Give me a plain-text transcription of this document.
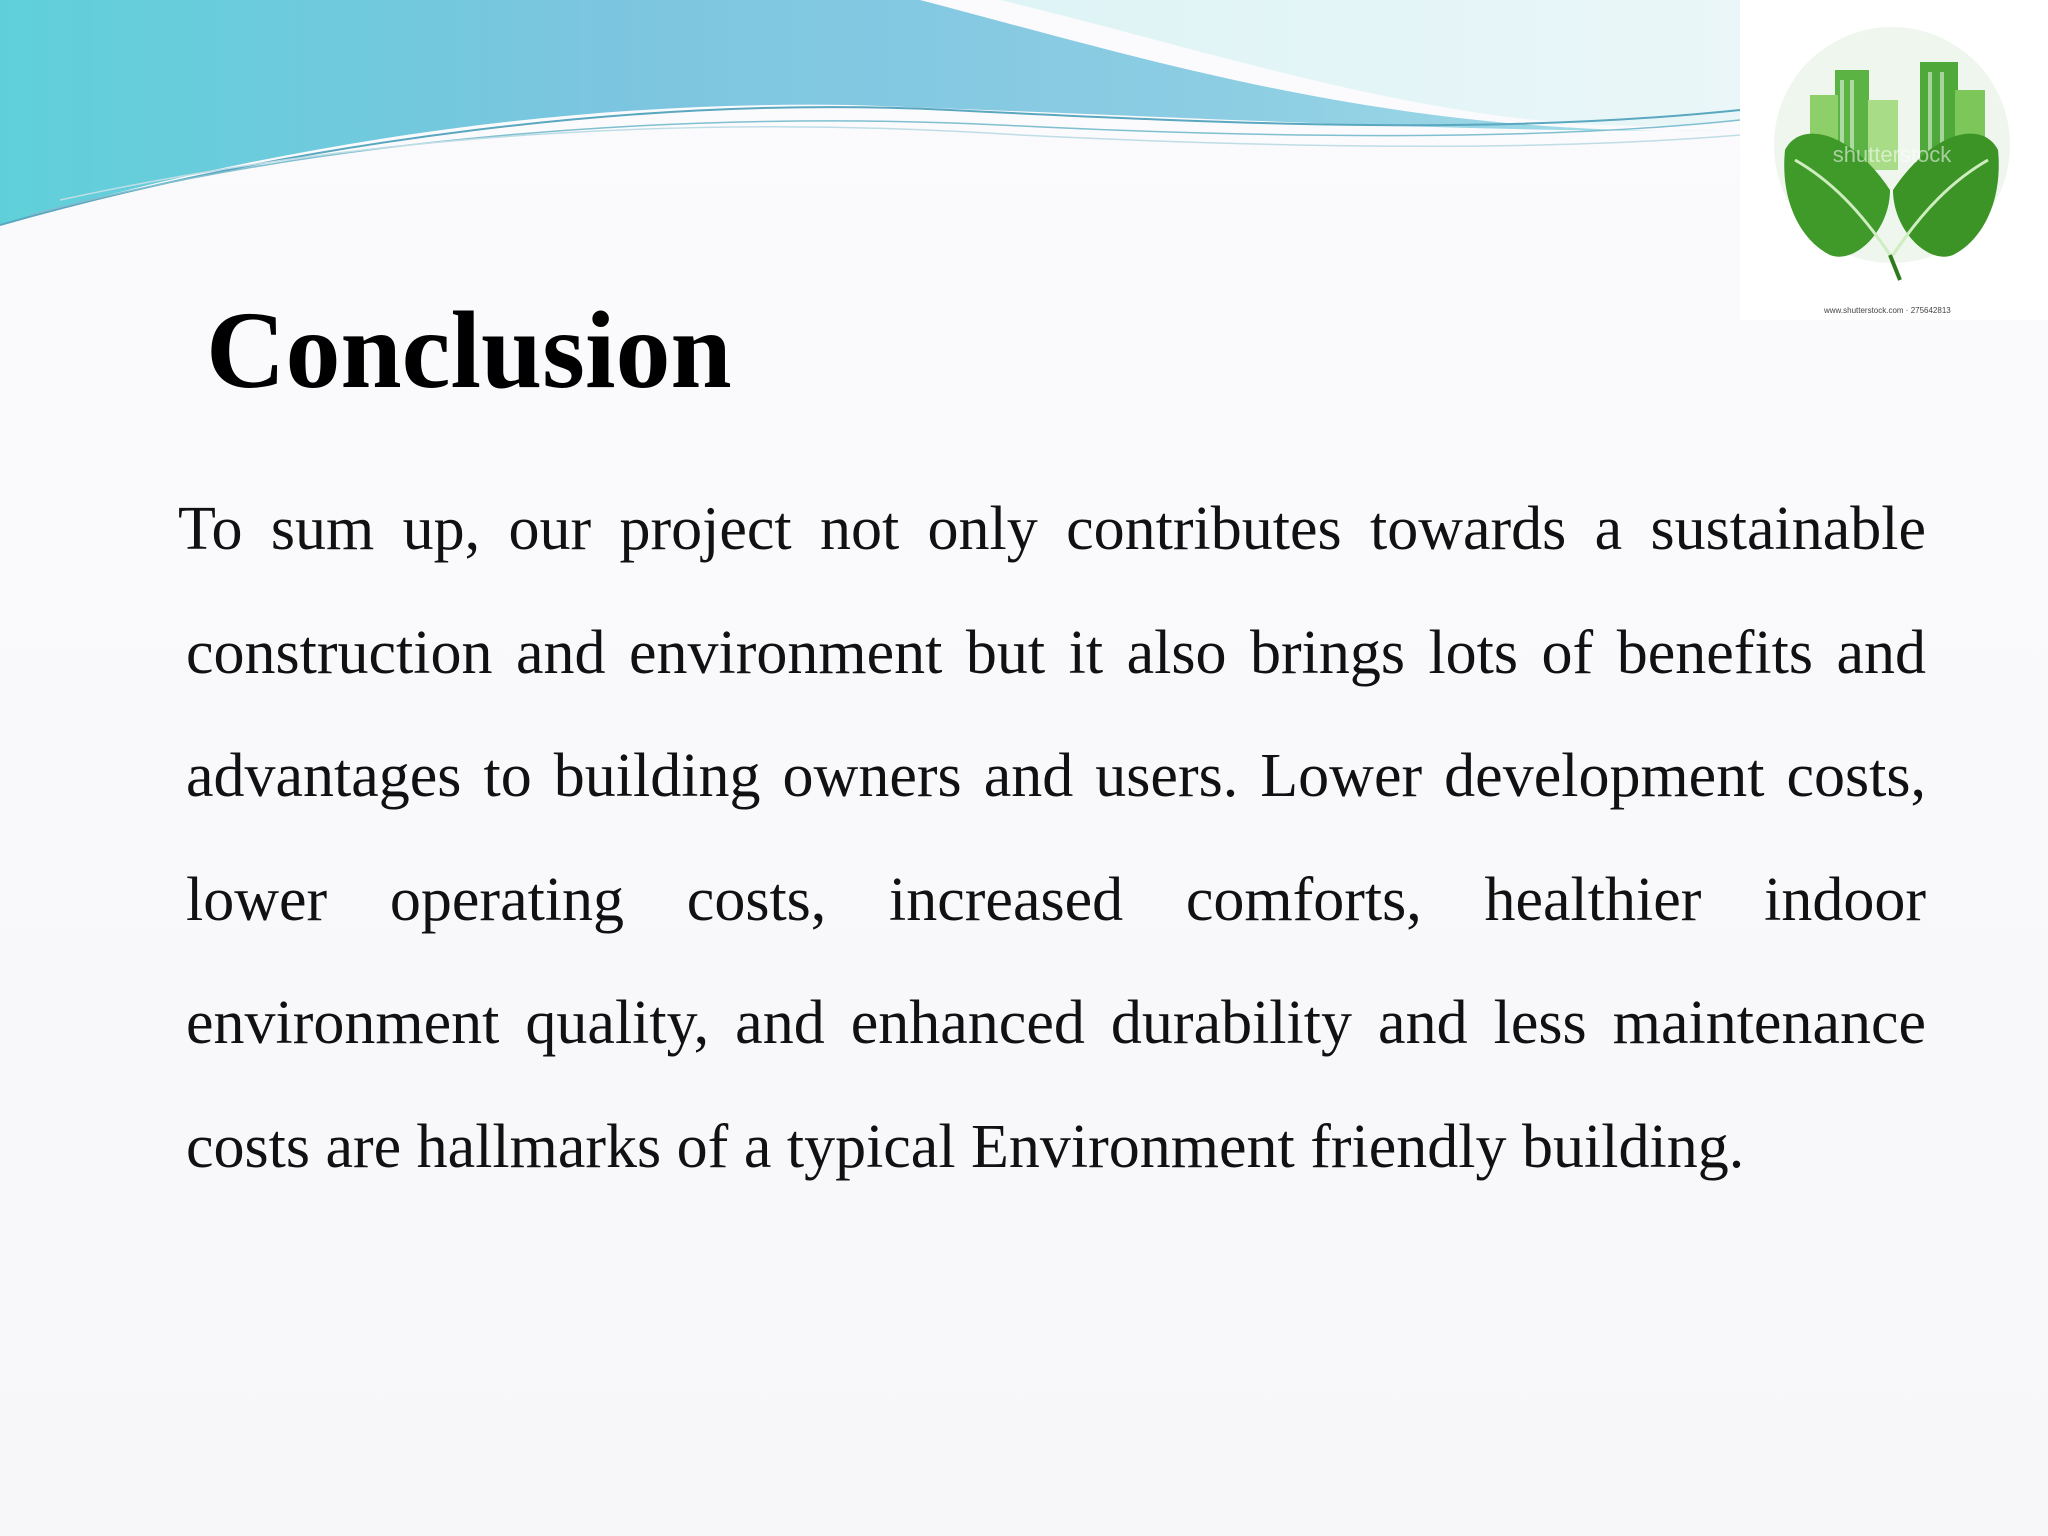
shutterstock
www.shutterstock.com · 275642813
Conclusion

To sum up, our project not only contributes towards a sustainable construction and environment but it also brings lots of benefits and advantages to building owners and users. Lower development costs, lower operating costs, increased comforts, healthier indoor environment quality, and enhanced durability and less maintenance costs are hallmarks of a typical Environment friendly building.
